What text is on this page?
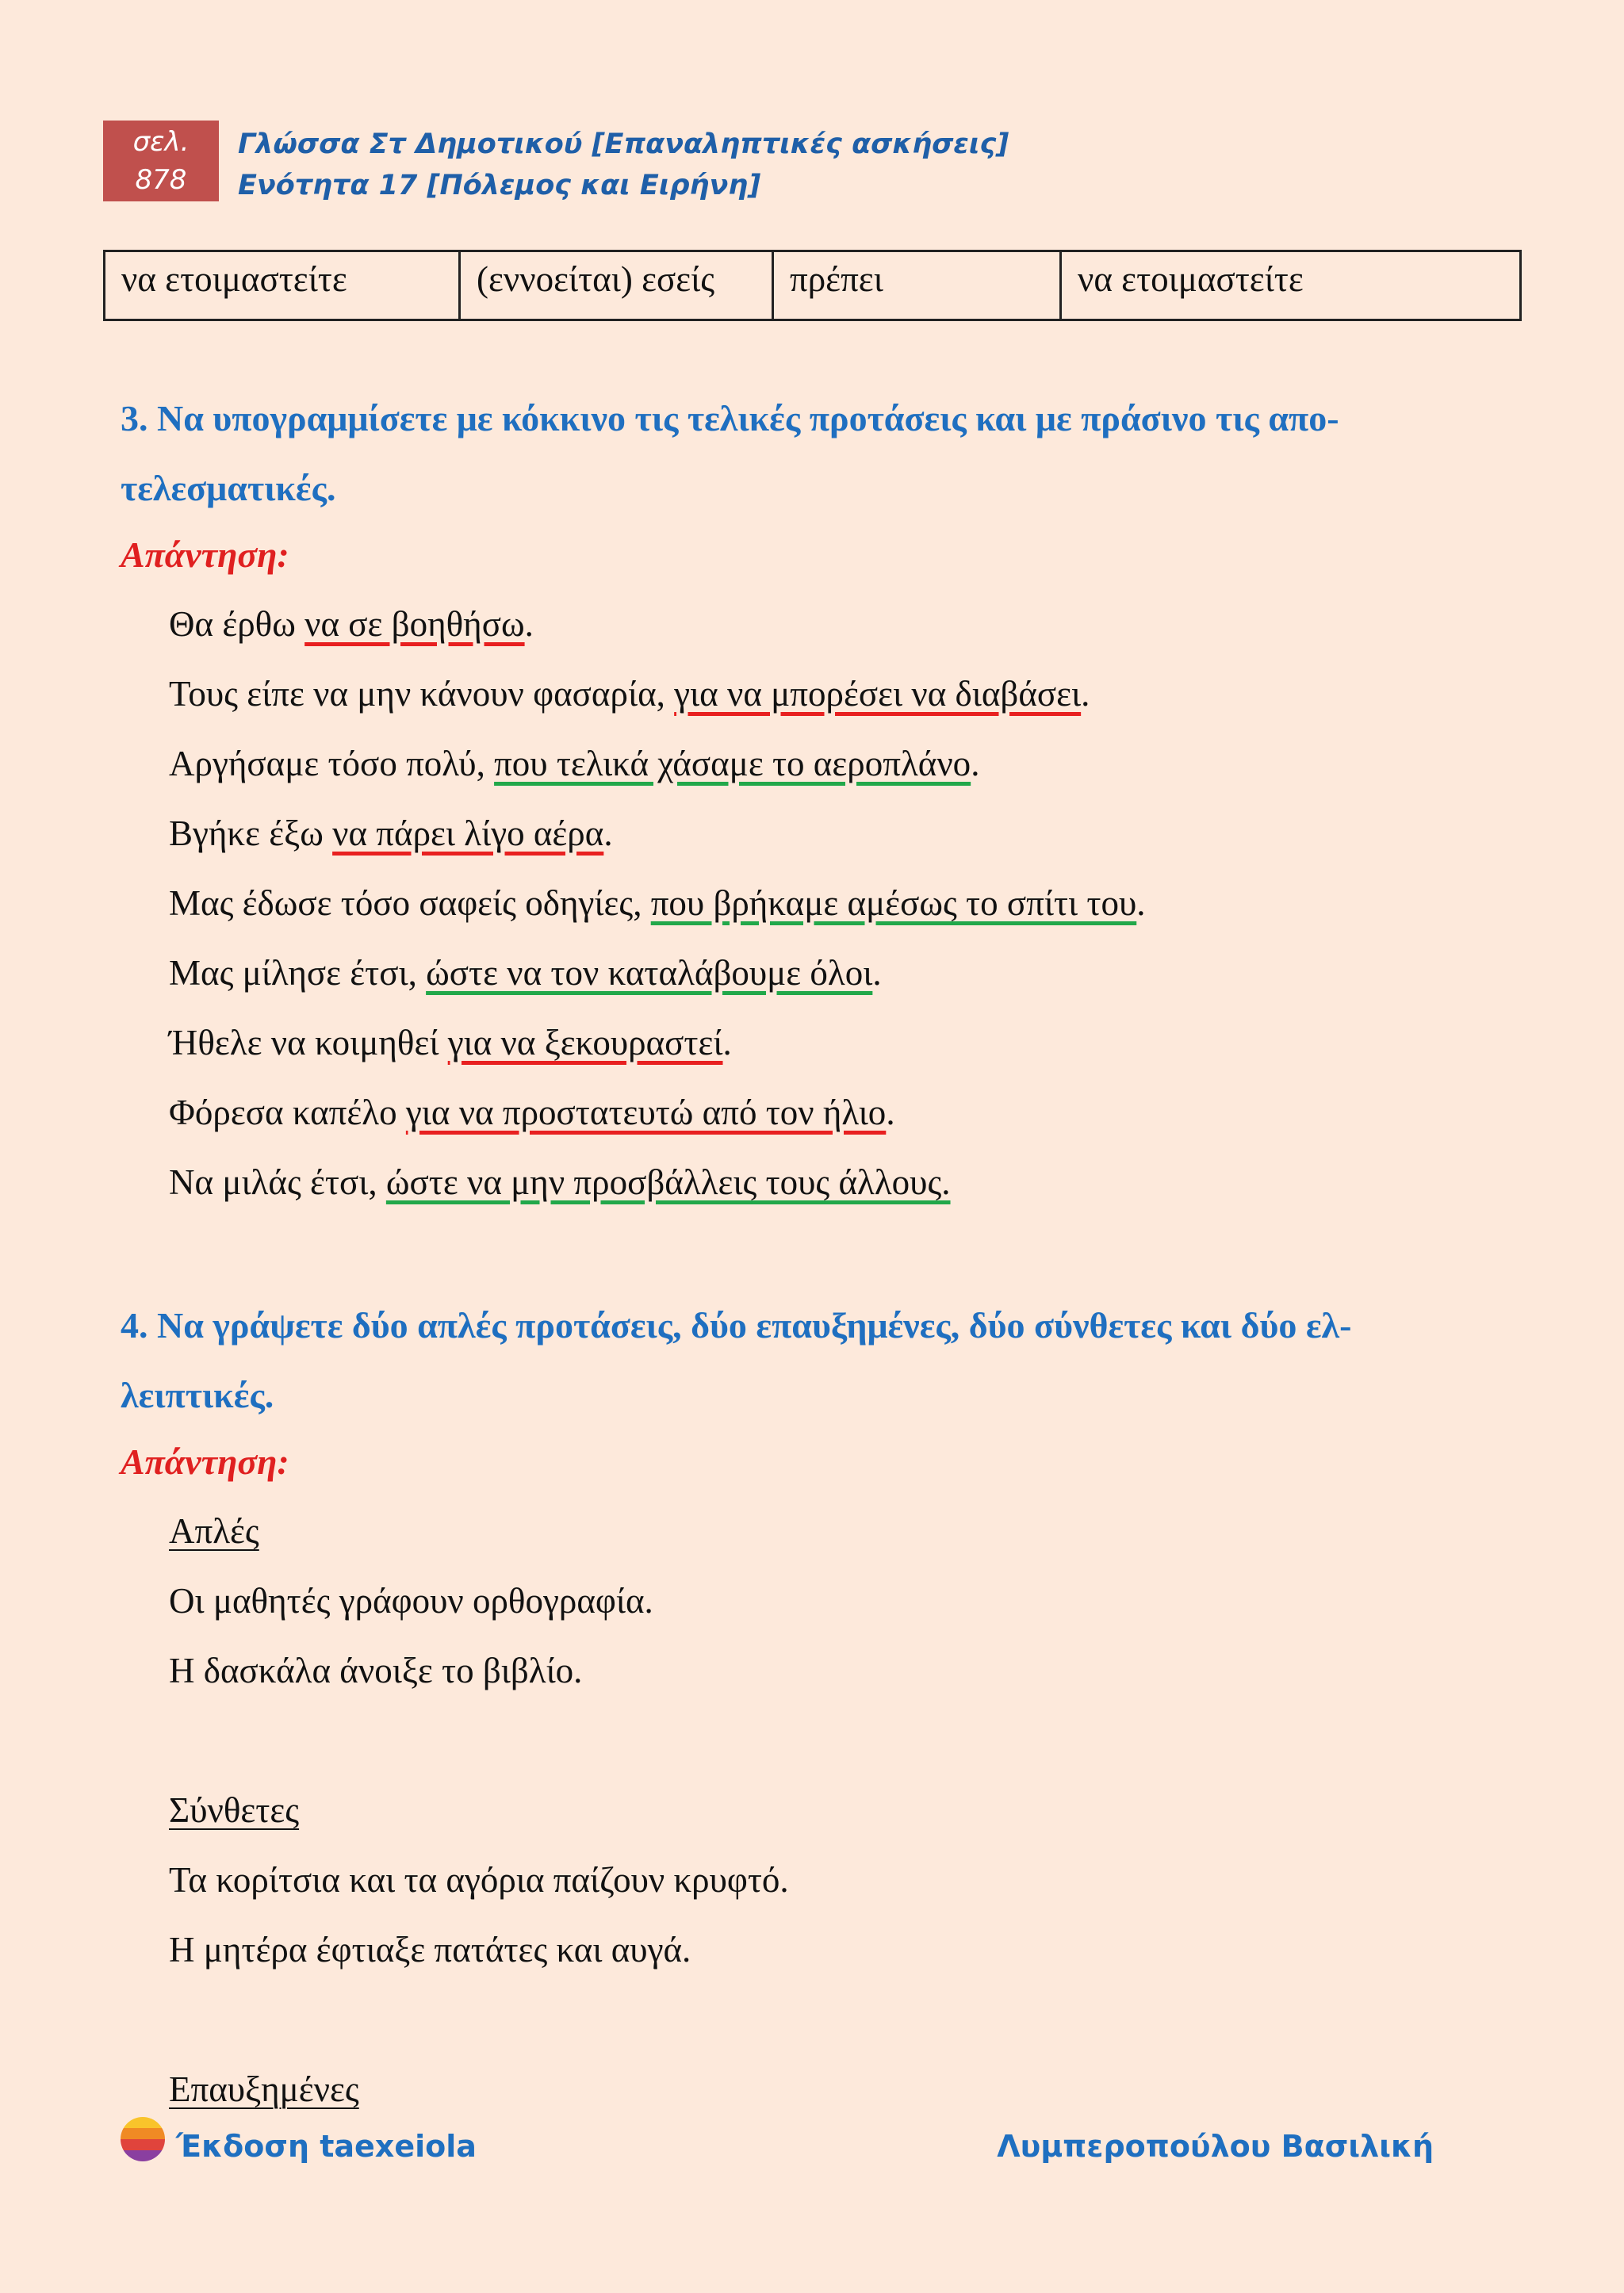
σελ.
878
Γλώσσα Στ Δημοτικού [Επαναληπτικές ασκήσεις]
Ενότητα 17 [Πόλεμος και Ειρήνη]
να ετοιμαστείτε	(εννοείται) εσείς	πρέπει	να ετοιμαστείτε
3. Να υπογραμμίσετε με κόκκινο τις τελικές προτάσεις και με πράσινο τις απο-
τελεσματικές.
Απάντηση:
Θα έρθω να σε βοηθήσω.
Τους είπε να μην κάνουν φασαρία, για να μπορέσει να διαβάσει.
Αργήσαμε τόσο πολύ, που τελικά χάσαμε το αεροπλάνο.
Βγήκε έξω να πάρει λίγο αέρα.
Μας έδωσε τόσο σαφείς οδηγίες, που βρήκαμε αμέσως το σπίτι του.
Μας μίλησε έτσι, ώστε να τον καταλάβουμε όλοι.
Ήθελε να κοιμηθεί για να ξεκουραστεί.
Φόρεσα καπέλο για να προστατευτώ από τον ήλιο.
Να μιλάς έτσι, ώστε να μην προσβάλλεις τους άλλους.
4. Να γράψετε δύο απλές προτάσεις, δύο επαυξημένες, δύο σύνθετες και δύο ελ-
λειπτικές.
Απάντηση:
Απλές
Οι μαθητές γράφουν ορθογραφία.
Η δασκάλα άνοιξε το βιβλίο.
Σύνθετες
Τα κορίτσια και τα αγόρια παίζουν κρυφτό.
Η μητέρα έφτιαξε πατάτες και αυγά.
Επαυξημένες
Έκδοση taexeiola	Λυμπεροπούλου Βασιλική
